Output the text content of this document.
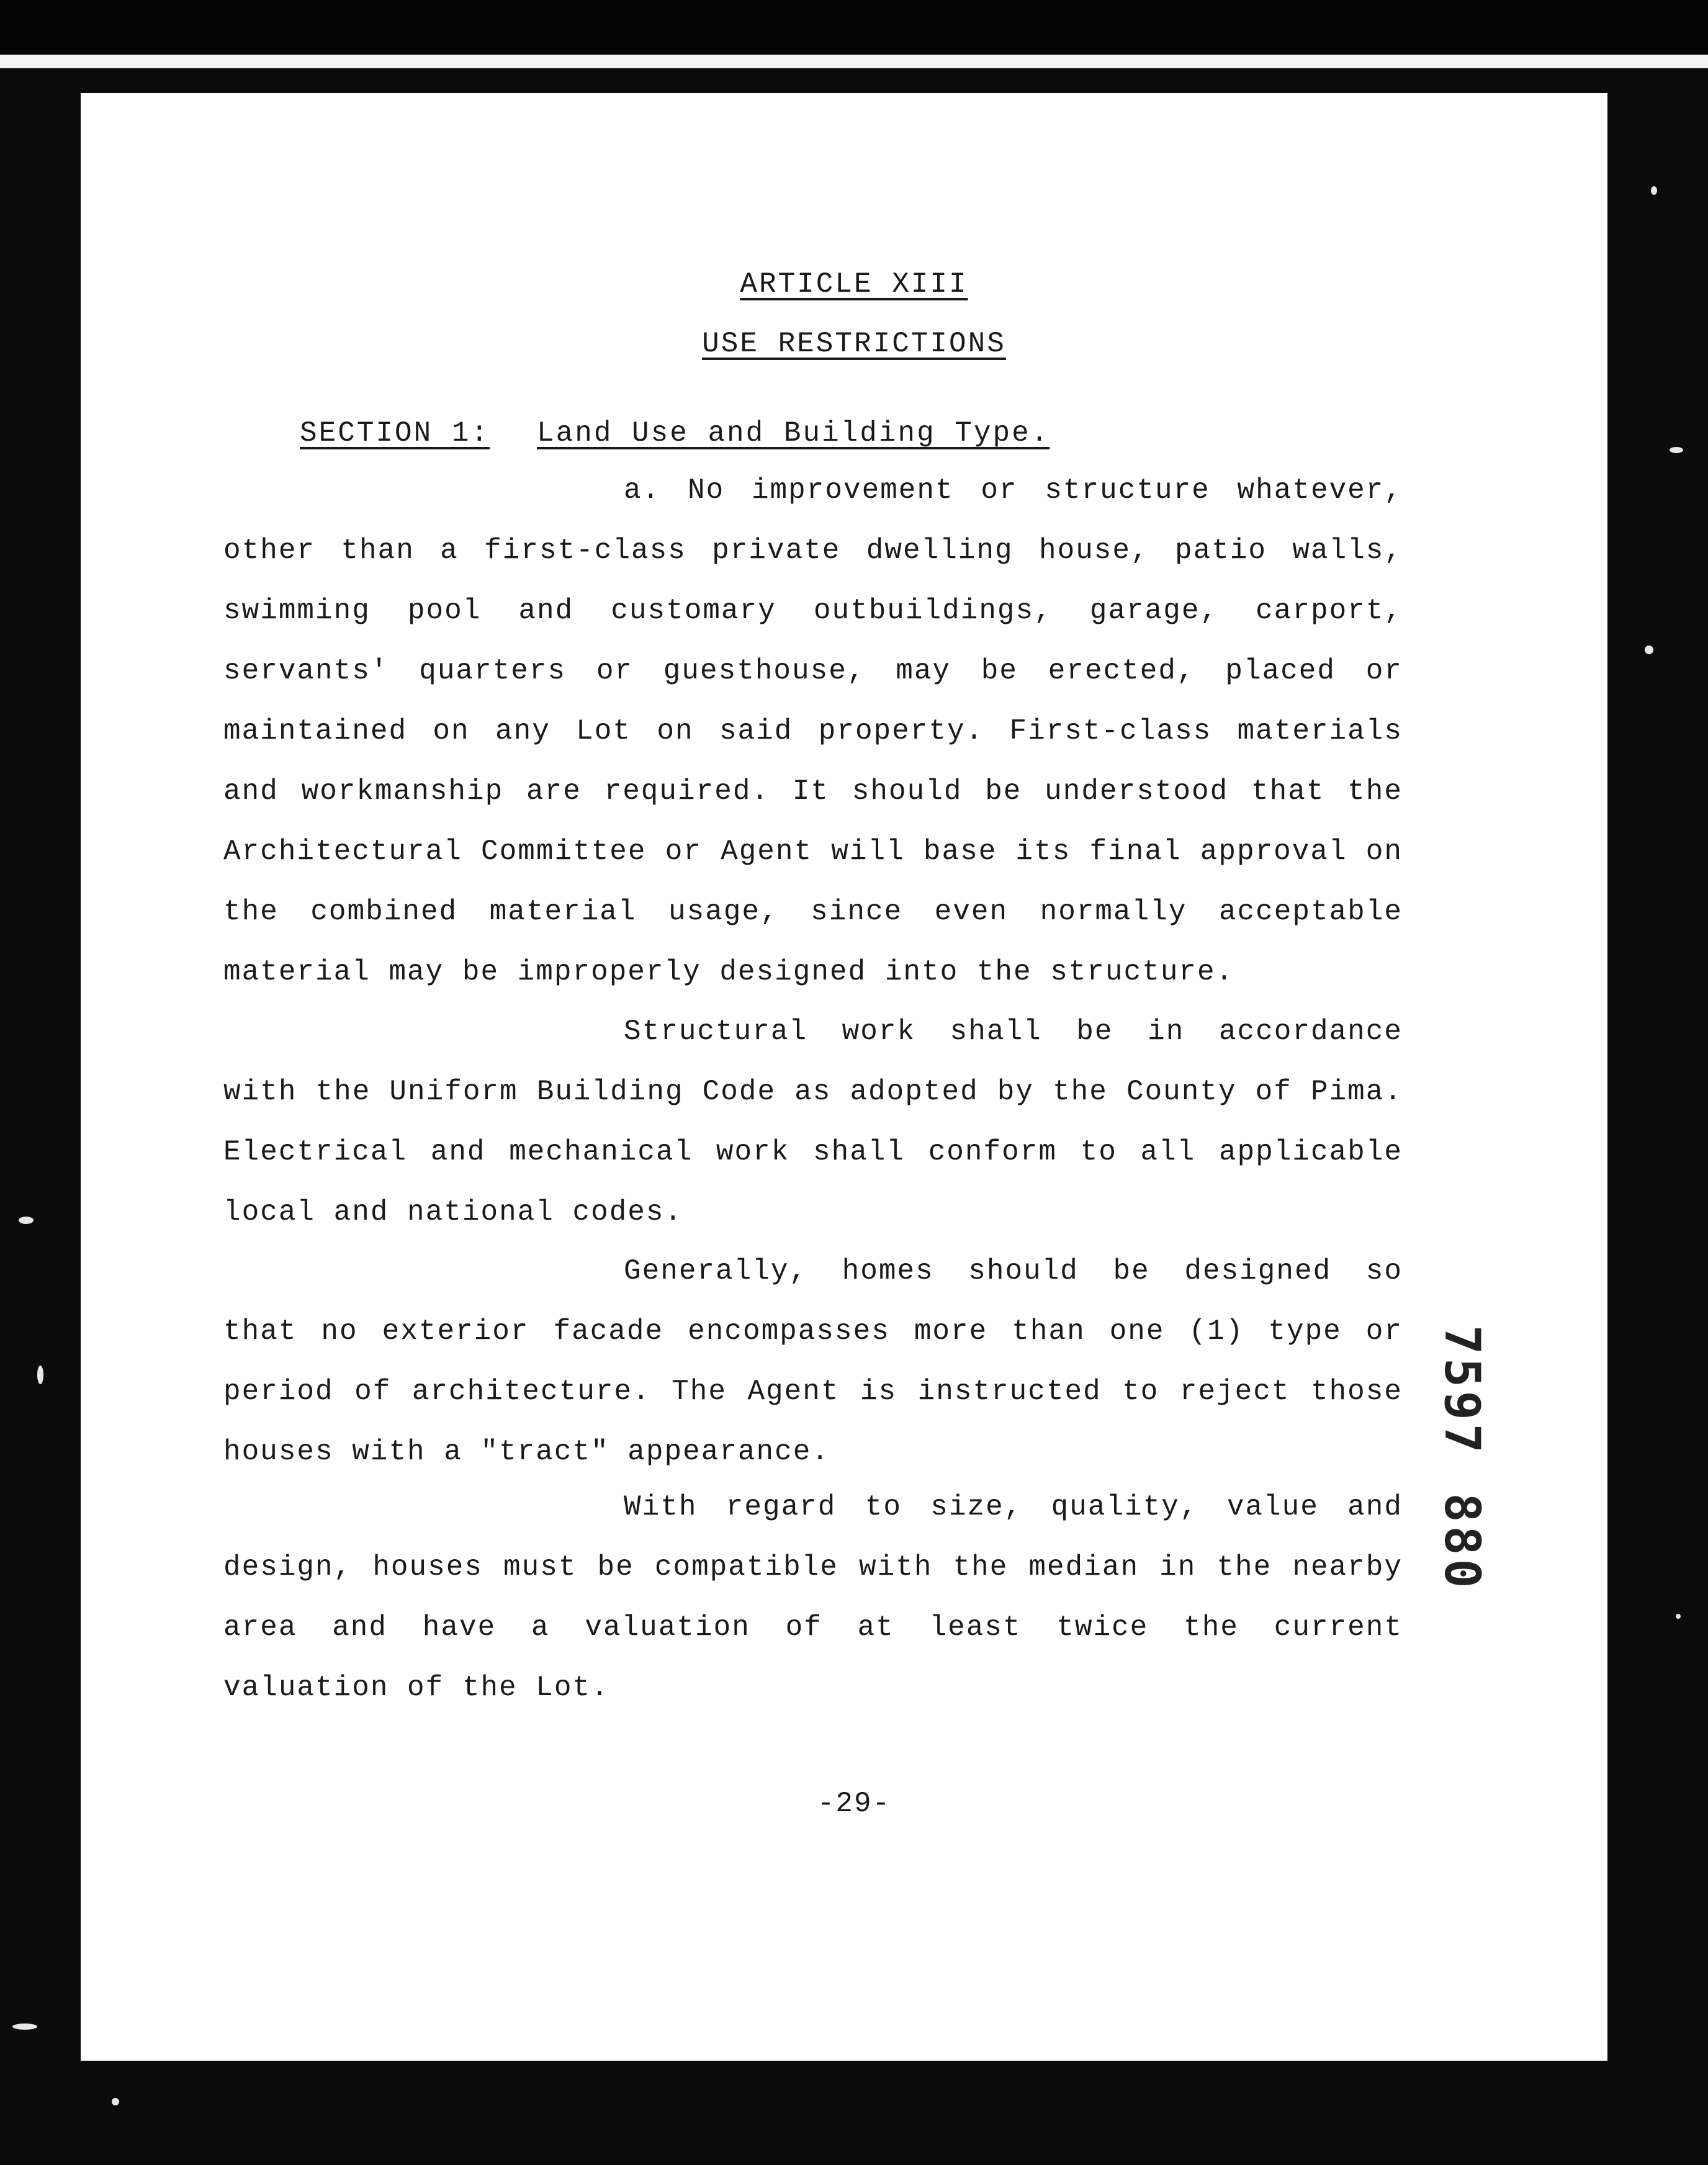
ARTICLE XIII
USE RESTRICTIONS

SECTION 1: Land Use and Building Type.

a. No improvement or structure whatever, other than a first-class private dwelling house, patio walls, swimming pool and customary outbuildings, garage, carport, servants' quarters or guesthouse, may be erected, placed or maintained on any Lot on said property. First-class materials and workmanship are required. It should be understood that the Architectural Committee or Agent will base its final approval on the combined material usage, since even normally acceptable material may be improperly designed into the structure.

Structural work shall be in accordance with the Uniform Building Code as adopted by the County of Pima. Electrical and mechanical work shall conform to all applicable local and national codes.

Generally, homes should be designed so that no exterior facade encompasses more than one (1) type or period of architecture. The Agent is instructed to reject those houses with a "tract" appearance.

With regard to size, quality, value and design, houses must be compatible with the median in the nearby area and have a valuation of at least twice the current valuation of the Lot.

-29-

7597

880
